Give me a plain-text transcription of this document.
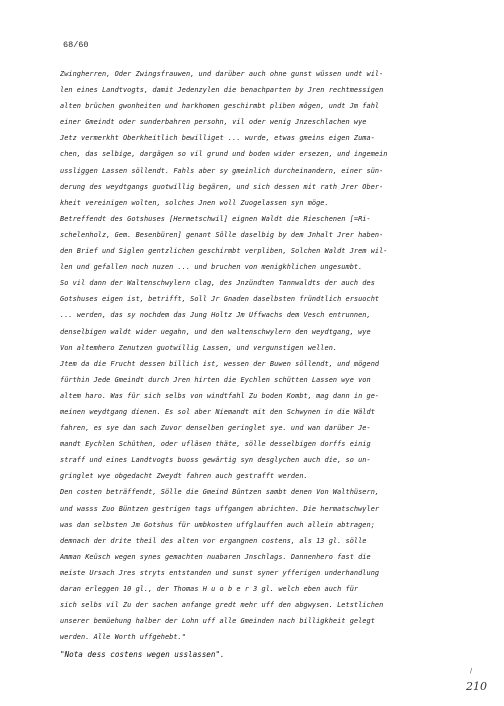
68/60
Zwingherren, Oder Zwingsfrauwen, und darüber auch ohne gunst wüssen undt wil-
len eines Landtvogts, damit Jedenzylen die benachparten by Jren rechtmessigen
alten brüchen gwonheiten und harkhomen geschirmbt pliben mögen, undt Jm fahl
einer Gmeindt oder sunderbahren persohn, vil oder wenig Jnzeschlachen wye
Jetz vermerkht Oberkheitlich bewilliget ... wurde, etwas gmeins eigen Zuma-
chen, das selbige, dargägen so vil grund und boden wider ersezen, und ingemein
ussliggen Lassen söllendt. Fahls aber sy gmeinlich durcheinandern, einer sün-
derung des weydtgangs guotwillig begären, und sich dessen mit rath Jrer Ober-
kheit vereinigen wolten, solches Jnen woll Zuogelassen syn möge.
Betreffendt des Gotshuses [Hermetschwil] eignen Waldt die Rieschenen [=Ri-
schelenholz, Gem. Besenbüren] genant Sölle daselbig by dem Jnhalt Jrer haben-
den Brief und Siglen gentzlichen geschirmbt verpliben, Solchen Waldt Jrem wil-
len und gefallen noch nuzen ... und bruchen von menigkhlichen ungesumbt.
So vil dann der Waltenschwylern clag, des Jnzündten Tannwaldts der auch des
Gotshuses eigen ist, betrifft, Soll Jr Gnaden daselbsten fründtlich ersuocht
... werden, das sy nochdem das Jung Holtz Jm Uffwachs dem Vesch entrunnen,
denselbigen waldt wider uegahn, und den waltenschwylern den weydtgang, wye
Von altemhero Zenutzen guotwillig Lassen, und vergunstigen wellen.
Jtem da die Frucht dessen billich ist, wessen der Buwen söllendt, und mögend
fürthin Jede Gmeindt durch Jren hirten die Eychlen schütten Lassen wye von
altem haro. Was für sich selbs von windtfahl Zu boden Kombt, mag dann in ge-
meinen weydtgang dienen. Es sol aber Niemandt mit den Schwynen in die Wäldt
fahren, es sye dan sach Zuvor denselben geringlet sye. und wan darüber Je-
mandt Eychlen Schüthen, oder ufläsen thäte, sölle desselbigen dorffs einig
straff und eines Landtvogts buoss gewärtig syn desglychen auch die, so un-
gringlet wye obgedacht Zweydt fahren auch gestrafft werden.
Den costen beträffendt, Sölle die Gmeind Büntzen sambt denen Von Walthüsern,
und wasss Zuo Büntzen gestrigen tags uffgangen abrichten. Die hermatschwyler
was dan selbsten Jm Gotshus für umbkosten uffglauffen auch allein abtragen;
demnach der drite theil des alten vor ergangnen costens, als 13 gl. sölle
Amman Keüsch wegen synes gemachten nuabaren Jnschlags. Dannenhero fast die
meiste Ursach Jres stryts entstanden und sunst syner yfferigen underhandlung
daran erleggen 10 gl., der Thomas H u o b e r 3 gl. welch eben auch für
sich selbs vil Zu der sachen anfange gredt mehr uff den abgwysen. Letstlichen
unserer bemüehung halber der Lohn uff alle Gmeinden nach billigkheit gelegt
werden. Alle Worth uffgehebt."
"Nota dess costens wegen usslassen".
/
210
